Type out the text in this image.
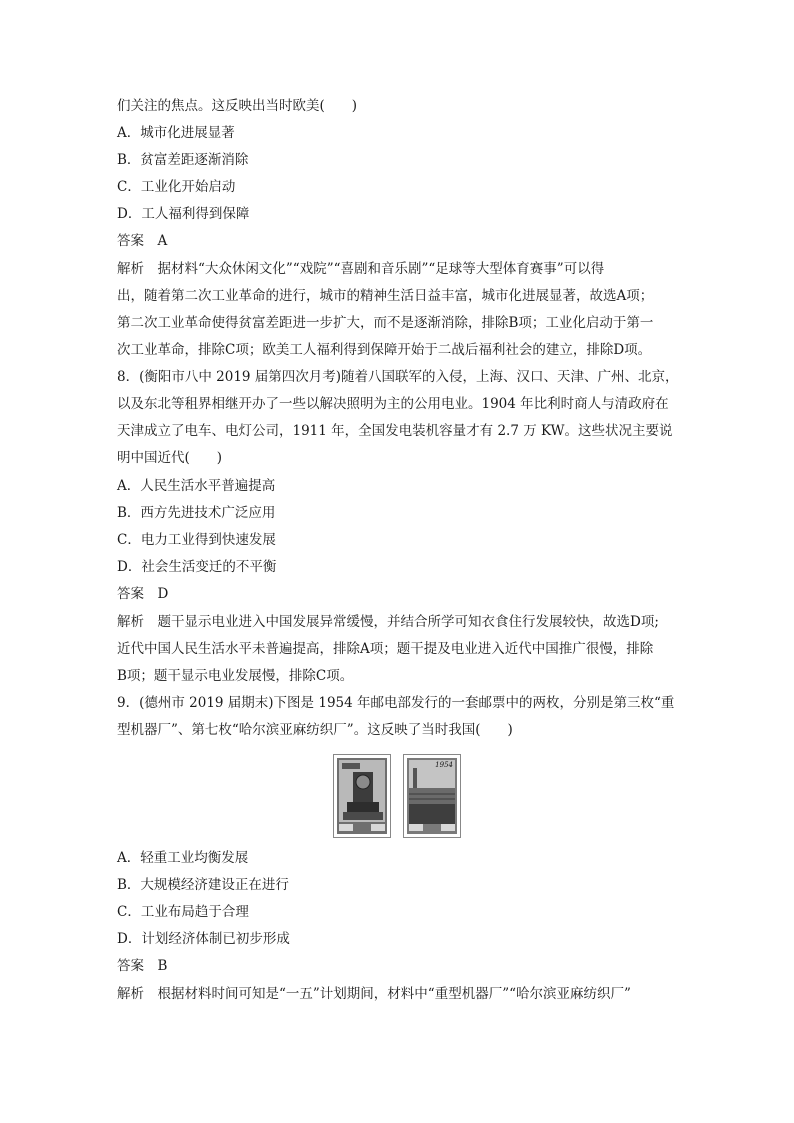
们关注的焦点。这反映出当时欧美(　　)
A．城市化进展显著
B．贫富差距逐渐消除
C．工业化开始启动
D．工人福利得到保障
答案　A
解析　据材料“大众休闲文化”“戏院”“喜剧和音乐剧”“足球等大型体育赛事”可以得
出，随着第二次工业革命的进行，城市的精神生活日益丰富，城市化进展显著，故选A项；
第二次工业革命使得贫富差距进一步扩大，而不是逐渐消除，排除B项；工业化启动于第一
次工业革命，排除C项；欧美工人福利得到保障开始于二战后福利社会的建立，排除D项。
8．(衡阳市八中 2019 届第四次月考)随着八国联军的入侵，上海、汉口、天津、广州、北京，
以及东北等租界相继开办了一些以解决照明为主的公用电业。1904 年比利时商人与清政府在
天津成立了电车、电灯公司，1911 年，全国发电装机容量才有 2.7 万 KW。这些状况主要说
明中国近代(　　)
A．人民生活水平普遍提高
B．西方先进技术广泛应用
C．电力工业得到快速发展
D．社会生活变迁的不平衡
答案　D
解析　题干显示电业进入中国发展异常缓慢，并结合所学可知衣食住行发展较快，故选D项;
近代中国人民生活水平未普遍提高，排除A项；题干提及电业进入近代中国推广很慢，排除
B项；题干显示电业发展慢，排除C项。
9．(德州市 2019 届期末)下图是 1954 年邮电部发行的一套邮票中的两枚，分别是第三枚“重
型机器厂”、第七枚“哈尔滨亚麻纺织厂”。这反映了当时我国(　　)
1954
A．轻重工业均衡发展
B．大规模经济建设正在进行
C．工业布局趋于合理
D．计划经济体制已初步形成
答案　B
解析　根据材料时间可知是“一五”计划期间，材料中“重型机器厂”“哈尔滨亚麻纺织厂”
